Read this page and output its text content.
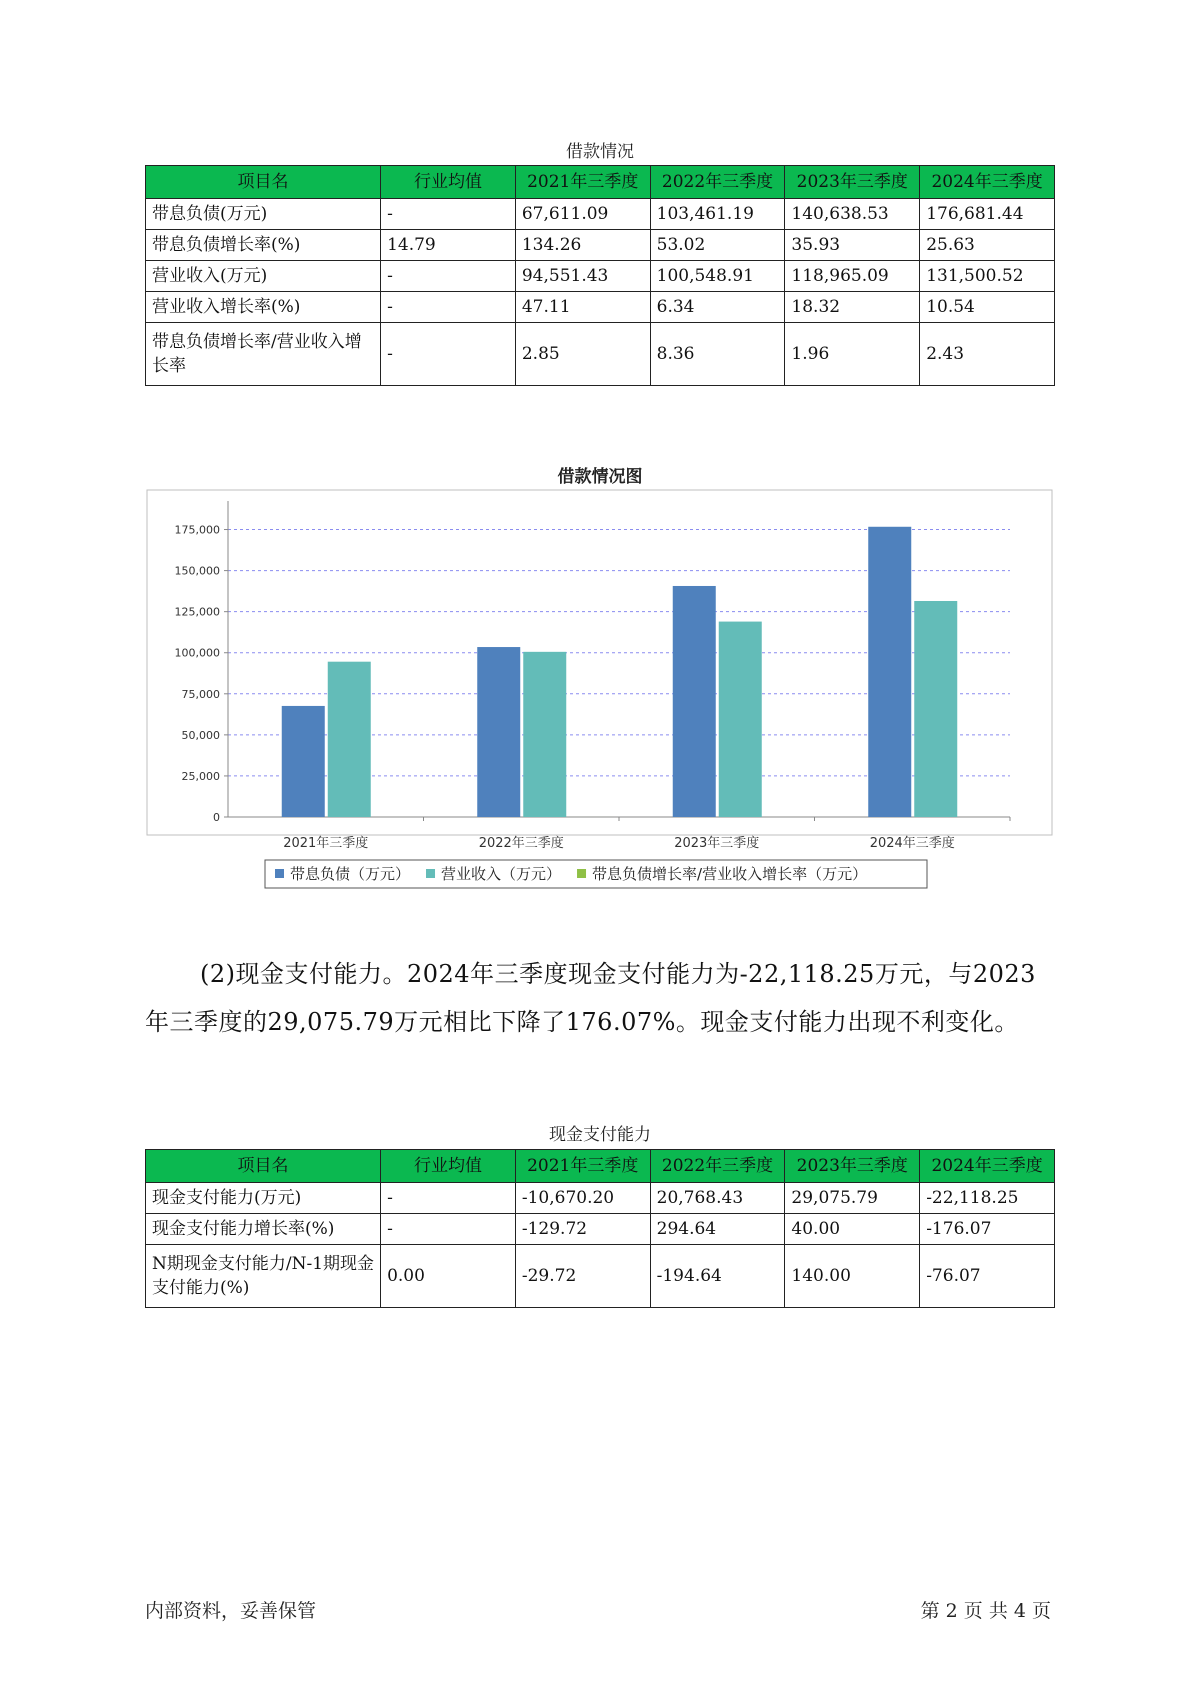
借款情况
项目名	行业均值	2021年三季度	2022年三季度	2023年三季度	2024年三季度
带息负债(万元)	-	67,611.09	103,461.19	140,638.53	176,681.44
带息负债增长率(%)	14.79	134.26	53.02	35.93	25.63
营业收入(万元)	-	94,551.43	100,548.91	118,965.09	131,500.52
营业收入增长率(%)	-	47.11	6.34	18.32	10.54
带息负债增长率/营业收入增长率	-	2.85	8.36	1.96	2.43
借款情况图
0
25,000
50,000
75,000
100,000
125,000
150,000
175,000
2021年三季度	2022年三季度	2023年三季度	2024年三季度
带息负债（万元） 营业收入（万元） 带息负债增长率/营业收入增长率（万元）
(2)现金支付能力。2024年三季度现金支付能力为-22,118.25万元，与2023年三季度的29,075.79万元相比下降了176.07%。现金支付能力出现不利变化。
现金支付能力
项目名	行业均值	2021年三季度	2022年三季度	2023年三季度	2024年三季度
现金支付能力(万元)	-	-10,670.20	20,768.43	29,075.79	-22,118.25
现金支付能力增长率(%)	-	-129.72	294.64	40.00	-176.07
N期现金支付能力/N-1期现金支付能力(%)	0.00	-29.72	-194.64	140.00	-76.07
内部资料，妥善保管	第 2 页 共 4 页
